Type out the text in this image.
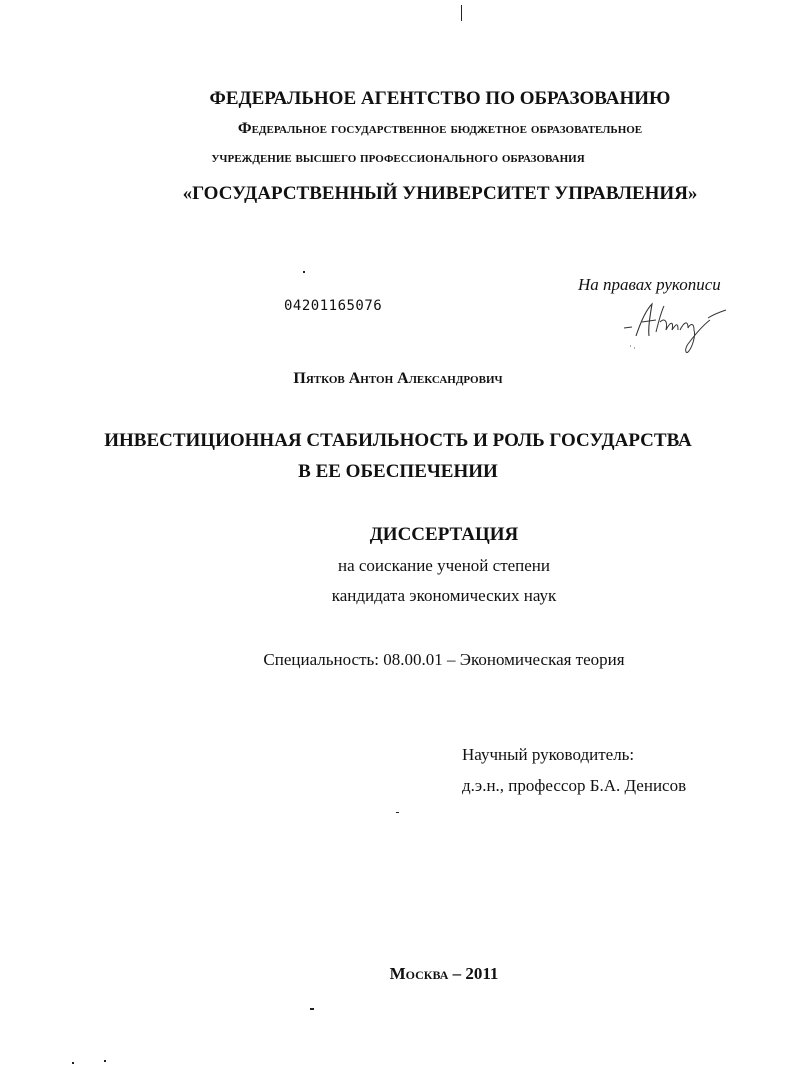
ФЕДЕРАЛЬНОЕ АГЕНТСТВО ПО ОБРАЗОВАНИЮ
Федеральное государственное бюджетное образовательное
учреждение высшего профессионального образования
«ГОСУДАРСТВЕННЫЙ УНИВЕРСИТЕТ УПРАВЛЕНИЯ»
На правах рукописи
04201165076
Пятков Антон Александрович
ИНВЕСТИЦИОННАЯ СТАБИЛЬНОСТЬ И РОЛЬ ГОСУДАРСТВА
В ЕЕ ОБЕСПЕЧЕНИИ
ДИССЕРТАЦИЯ
на соискание ученой степени
кандидата экономических наук
Специальность: 08.00.01 – Экономическая теория
Научный руководитель:
д.э.н., профессор Б.А. Денисов
Москва – 2011
